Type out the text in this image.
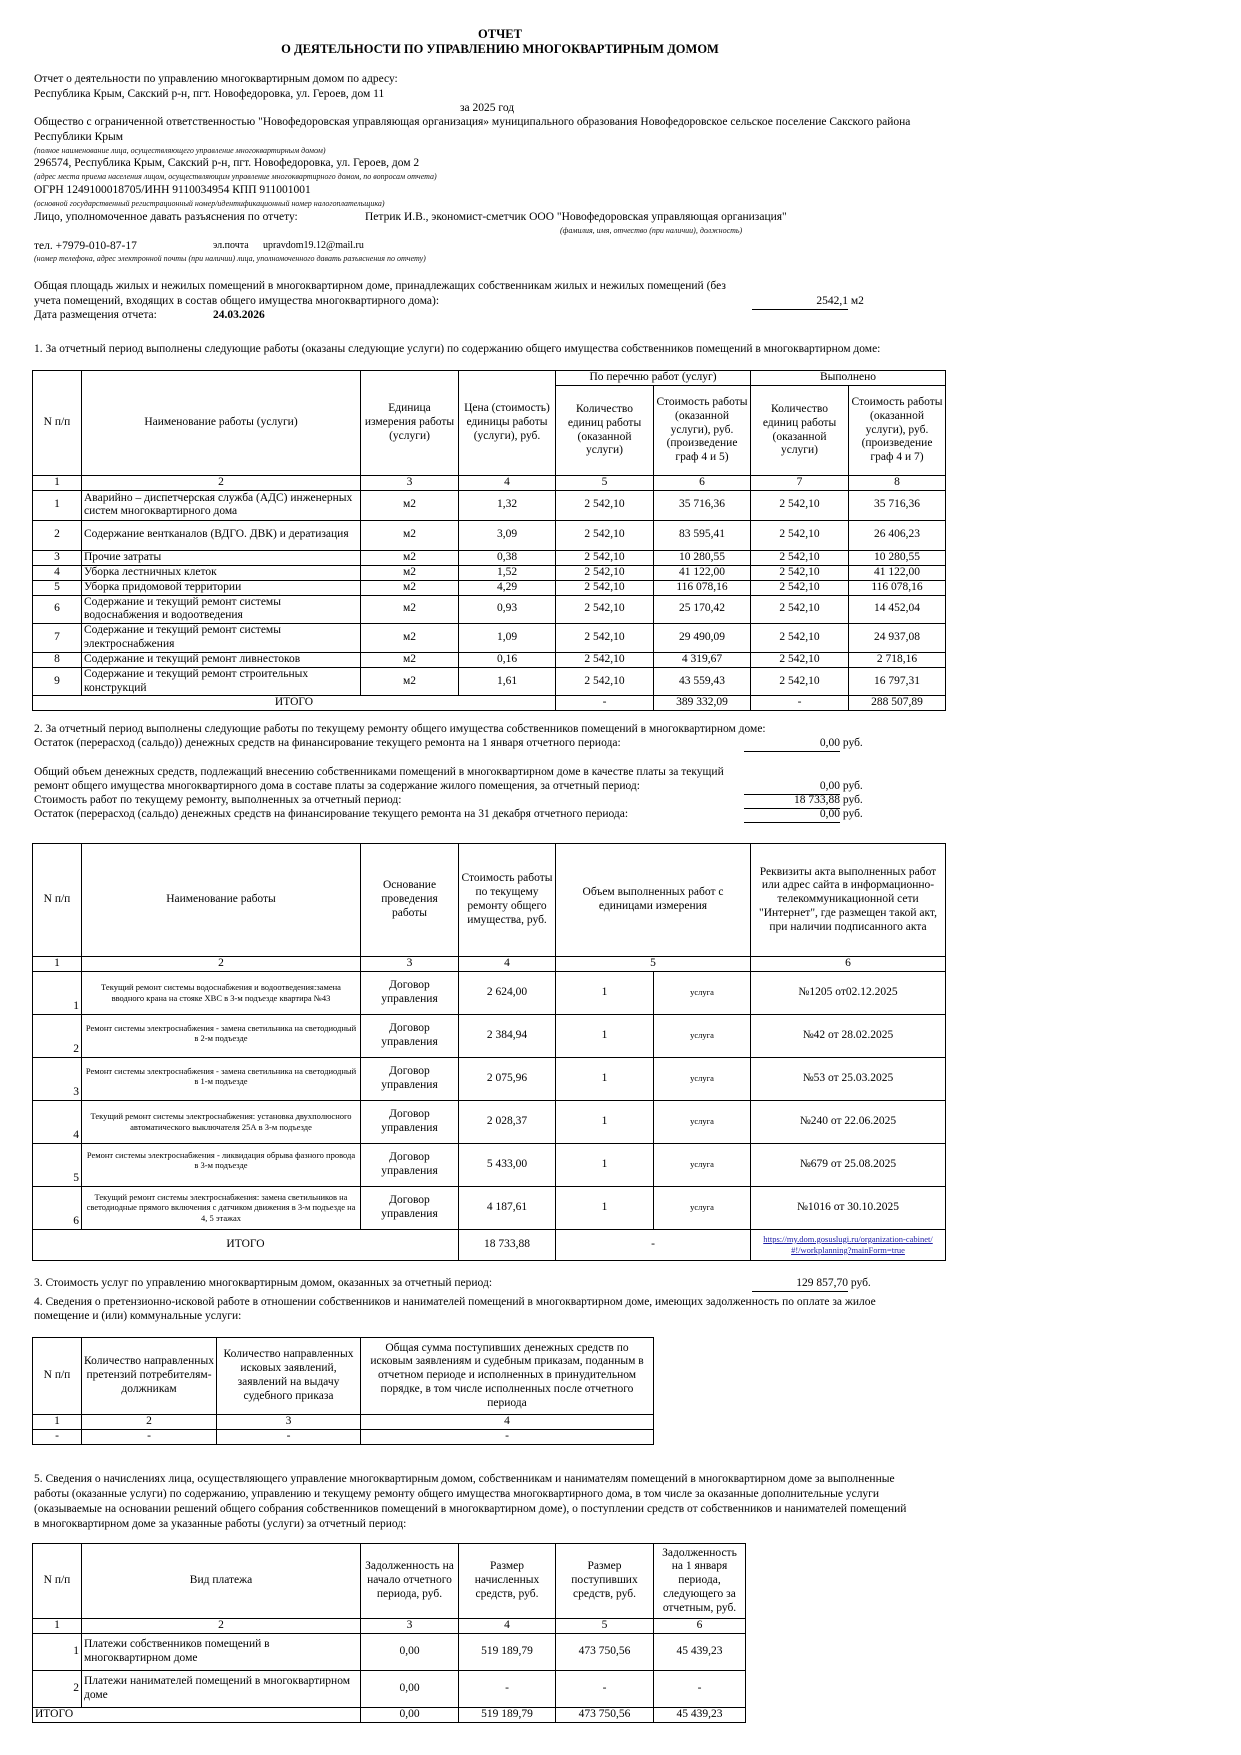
ОТЧЕТ
О ДЕЯТЕЛЬНОСТИ ПО УПРАВЛЕНИЮ МНОГОКВАРТИРНЫМ ДОМОМ
Отчет о деятельности по управлению многоквартирным домом по адресу:
Республика Крым, Сакский р-н, пгт. Новофедоровка, ул. Героев, дом 11
за 2025 год
Общество с ограниченной ответственностью "Новофедоровская управляющая организация» муниципального образования Новофедоровское сельское поселение Сакского района
Республики Крым
(полное наименование лица, осуществляющего управление многоквартирным домом)
296574, Республика Крым, Сакский р-н, пгт. Новофедоровка, ул. Героев, дом 2
(адрес места приема населения лицом, осуществляющим управление многоквартирного домом, по вопросам отчета)
ОГРН 1249100018705/ИНН 9110034954 КПП 911001001
(основной государственный регистрационный номер/идентификационный номер налогоплательщика)
Лицо, уполномоченное давать разъяснения по отчету:	Петрик И.В., экономист-сметчик ООО "Новофедоровская управляющая организация"
(фамилия, имя, отчество (при наличии), должность)
тел. +7979-010-87-17	эл.почта upravdom19.12@mail.ru
(номер телефона, адрес электронной почты (при наличии) лица, уполномоченного давать разъяснения по отчету)
Общая площадь жилых и нежилых помещений в многоквартирном доме, принадлежащих собственникам жилых и нежилых помещений (без
учета помещений, входящих в состав общего имущества многоквартирного дома):	2542,1 м2
Дата размещения отчета:	24.03.2026
1. За отчетный период выполнены следующие работы (оказаны следующие услуги) по содержанию общего имущества собственников помещений в многоквартирном доме:
N п/п	Наименование работы (услуги)	Единица измерения работы (услуги)	Цена (стоимость) единицы работы (услуги), руб.	По перечню работ (услуг)		Выполнено	
				Количество единиц работы (оказанной услуги)	Стоимость работы (оказанной услуги), руб. (произведение граф 4 и 5)	Количество единиц работы (оказанной услуги)	Стоимость работы (оказанной услуги), руб. (произведение граф 4 и 7)
1	2	3	4	5	6	7	8
1	Аварийно – диспетчерская служба (АДС) инженерных систем многоквартирного дома	м2	1,32	2 542,10	35 716,36	2 542,10	35 716,36
2	Содержание вентканалов (ВДГО. ДВК) и дератизация	м2	3,09	2 542,10	83 595,41	2 542,10	26 406,23
3	Прочие затраты	м2	0,38	2 542,10	10 280,55	2 542,10	10 280,55
4	Уборка лестничных клеток	м2	1,52	2 542,10	41 122,00	2 542,10	41 122,00
5	Уборка придомовой территории	м2	4,29	2 542,10	116 078,16	2 542,10	116 078,16
6	Содержание и текущий ремонт системы водоснабжения и водоотведения	м2	0,93	2 542,10	25 170,42	2 542,10	14 452,04
7	Содержание и текущий ремонт системы электроснабжения	м2	1,09	2 542,10	29 490,09	2 542,10	24 937,08
8	Содержание и текущий ремонт ливнестоков	м2	0,16	2 542,10	4 319,67	2 542,10	2 718,16
9	Содержание и текущий ремонт строительных конструкций	м2	1,61	2 542,10	43 559,43	2 542,10	16 797,31
ИТОГО				-	389 332,09	-	288 507,89
2. За отчетный период выполнены следующие работы по текущему ремонту общего имущества собственников помещений в многоквартирном доме:
Остаток (перерасход (сальдо)) денежных средств на финансирование текущего ремонта на 1 января отчетного периода:	0,00 руб.
Общий объем денежных средств, подлежащий внесению собственниками помещений в многоквартирном доме в качестве платы за текущий
ремонт общего имущества многоквартирного дома в составе платы за содержание жилого помещения, за отчетный период:	0,00 руб.
Стоимость работ по текущему ремонту, выполненных за отчетный период:	18 733,88 руб.
Остаток (перерасход (сальдо) денежных средств на финансирование текущего ремонта на 31 декабря отчетного периода:	0,00 руб.
N п/п	Наименование работы	Основание проведения работы	Стоимость работы по текущему ремонту общего имущества, руб.	Объем выполненных работ с единицами измерения		Реквизиты акта выполненных работ или адрес сайта в информационно-телекоммуникационной сети "Интернет", где размещен такой акт, при наличии подписанного акта
1	2	3	4	5		6
1	Текущий ремонт системы водоснабжения и водоотведения:замена вводного крана на стояке ХВС в 3-м подъезде квартира №43	Договор управления	2 624,00	1	услуга	№1205 от02.12.2025
2	Ремонт системы электроснабжения - замена светильника на светодиодный в 2-м подъезде	Договор управления	2 384,94	1	услуга	№42 от 28.02.2025
3	Ремонт системы электроснабжения - замена светильника на светодиодный в 1-м подъезде	Договор управления	2 075,96	1	услуга	№53 от 25.03.2025
4	Текущий ремонт системы электроснабжения: установка двухполюсного автоматического выключателя 25А в 3-м подъезде	Договор управления	2 028,37	1	услуга	№240 от 22.06.2025
5	Ремонт системы электроснабжения - ликвидация обрыва фазного провода в 3-м подъезде	Договор управления	5 433,00	1	услуга	№679 от 25.08.2025
6	Текущий ремонт системы электроснабжения: замена светильников на светодиодные прямого включения с датчиком движения в 3-м подъезде на 4, 5 этажах	Договор управления	4 187,61	1	услуга	№1016 от 30.10.2025
ИТОГО			18 733,88	-		https://my.dom.gosuslugi.ru/organization-cabinet/#!/workplanning?mainForm=true
3. Стоимость услуг по управлению многоквартирным домом, оказанных за отчетный период:	129 857,70 руб.
4. Сведения о претензионно-исковой работе в отношении собственников и нанимателей помещений в многоквартирном доме, имеющих задолженность по оплате за жилое
помещение и (или) коммунальные услуги:
N п/п	Количество направленных претензий потребителям-должникам	Количество направленных исковых заявлений, заявлений на выдачу судебного приказа	Общая сумма поступивших денежных средств по исковым заявлениям и судебным приказам, поданным в отчетном периоде и исполненных в принудительном порядке, в том числе исполненных после отчетного периода
1	2	3	4
-	-	-	-
5. Сведения о начислениях лица, осуществляющего управление многоквартирным домом, собственникам и нанимателям помещений в многоквартирном доме за выполненные
работы (оказанные услуги) по содержанию, управлению и текущему ремонту общего имущества многоквартирного дома, в том числе за оказанные дополнительные услуги
(оказываемые на основании решений общего собрания собственников помещений в многоквартирном доме), о поступлении средств от собственников и нанимателей помещений
в многоквартирном доме за указанные работы (услуги) за отчетный период:
N п/п	Вид платежа	Задолженность на начало отчетного периода, руб.	Размер начисленных средств, руб.	Размер поступивших средств, руб.	Задолженность на 1 января периода, следующего за отчетным, руб.
1	2	3	4	5	6
1	Платежи собственников помещений в многоквартирном доме	0,00	519 189,79	473 750,56	45 439,23
2	Платежи нанимателей помещений в многоквартирном доме	0,00	-	-	-
ИТОГО		0,00	519 189,79	473 750,56	45 439,23
